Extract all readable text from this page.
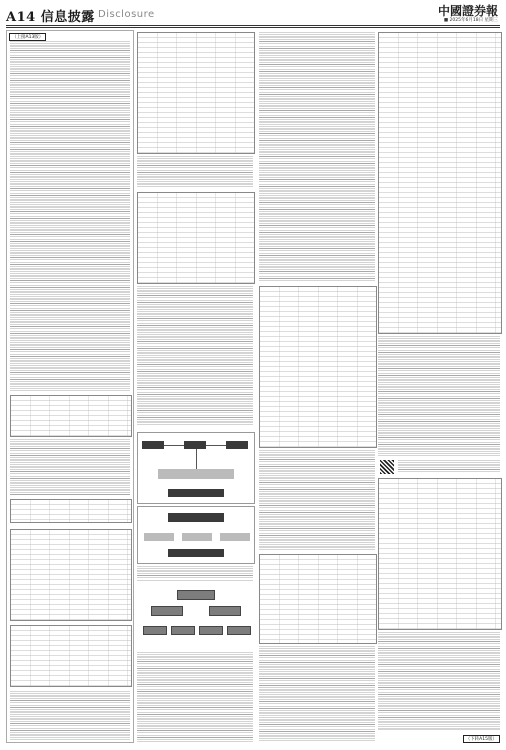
A14 信息披露 Disclosure	中國證券報
■ 2025年6月18日 星期三
（上接A13版）
（下转A15版）
